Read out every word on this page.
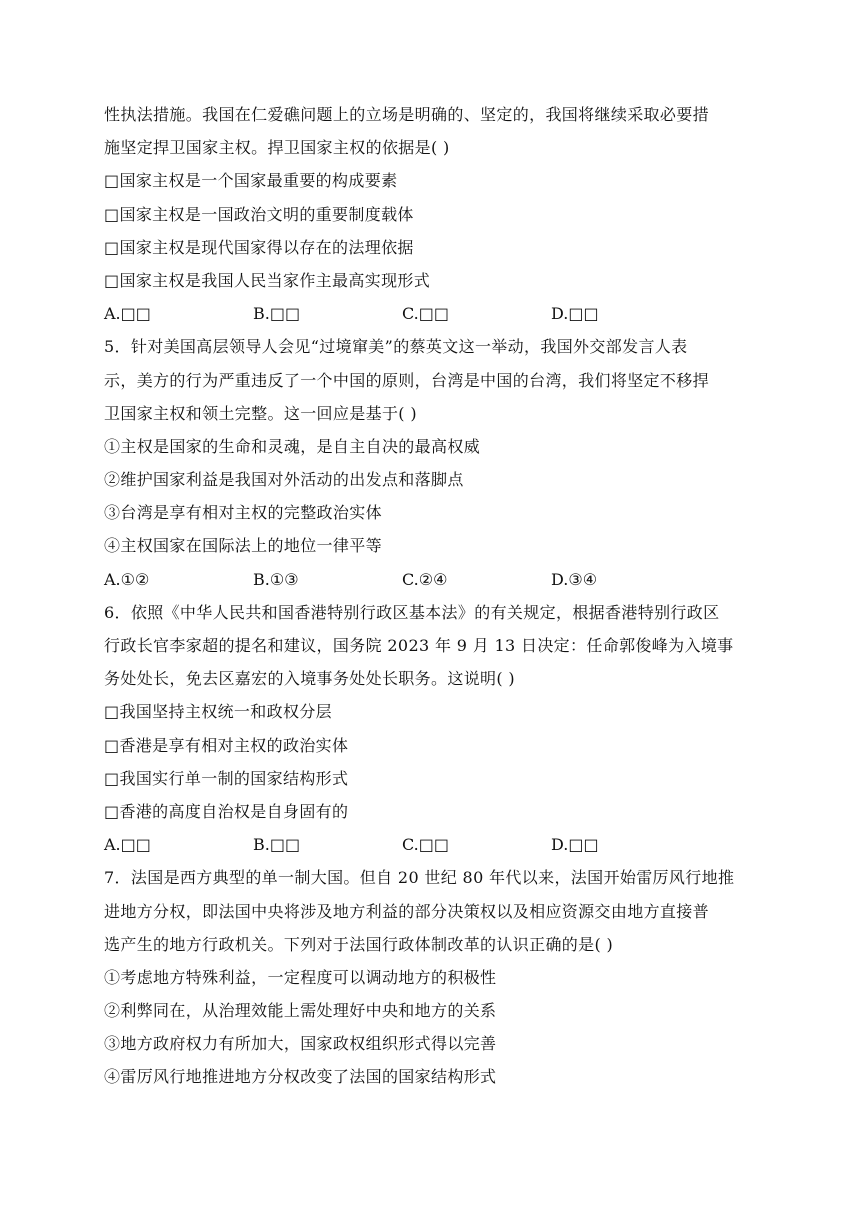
性执法措施。我国在仁爱礁问题上的立场是明确的、坚定的，我国将继续采取必要措
施坚定捍卫国家主权。捍卫国家主权的依据是( )
□国家主权是一个国家最重要的构成要素
□国家主权是一国政治文明的重要制度载体
□国家主权是现代国家得以存在的法理依据
□国家主权是我国人民当家作主最高实现形式
A.□□	B.□□	C.□□	D.□□
5．针对美国高层领导人会见“过境窜美”的蔡英文这一举动，我国外交部发言人表
示，美方的行为严重违反了一个中国的原则，台湾是中国的台湾，我们将坚定不移捍
卫国家主权和领土完整。这一回应是基于( )
①主权是国家的生命和灵魂，是自主自决的最高权威
②维护国家利益是我国对外活动的出发点和落脚点
③台湾是享有相对主权的完整政治实体
④主权国家在国际法上的地位一律平等
A.①②	B.①③	C.②④	D.③④
6．依照《中华人民共和国香港特别行政区基本法》的有关规定，根据香港特别行政区
行政长官李家超的提名和建议，国务院 2023 年 9 月 13 日决定：任命郭俊峰为入境事
务处处长，免去区嘉宏的入境事务处处长职务。这说明( )
□我国坚持主权统一和政权分层
□香港是享有相对主权的政治实体
□我国实行单一制的国家结构形式
□香港的高度自治权是自身固有的
A.□□	B.□□	C.□□	D.□□
7．法国是西方典型的单一制大国。但自 20 世纪 80 年代以来，法国开始雷厉风行地推
进地方分权，即法国中央将涉及地方利益的部分决策权以及相应资源交由地方直接普
选产生的地方行政机关。下列对于法国行政体制改革的认识正确的是( )
①考虑地方特殊利益，一定程度可以调动地方的积极性
②利弊同在，从治理效能上需处理好中央和地方的关系
③地方政府权力有所加大，国家政权组织形式得以完善
④雷厉风行地推进地方分权改变了法国的国家结构形式
